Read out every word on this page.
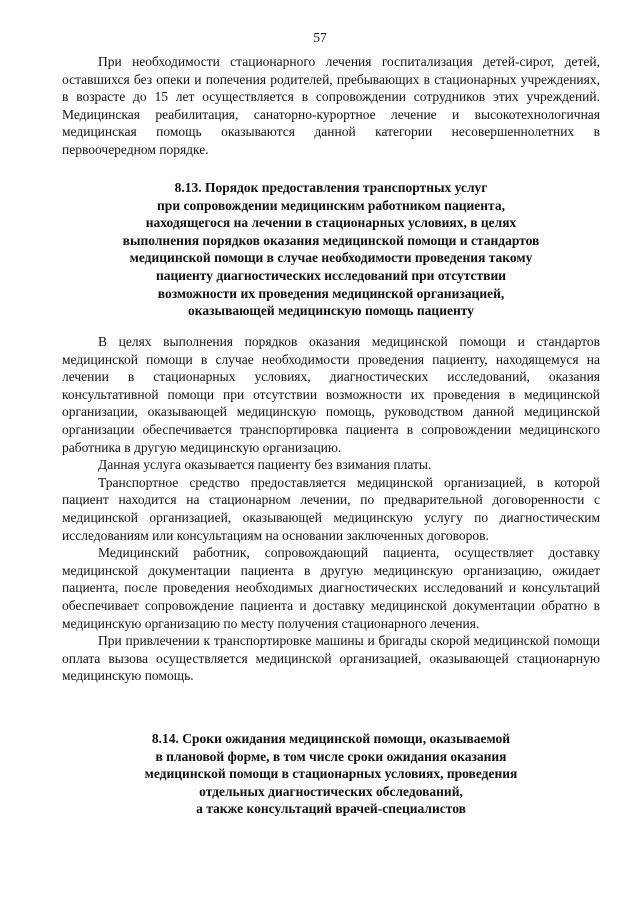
57

При необходимости стационарного лечения госпитализация детей-сирот, детей, оставшихся без опеки и попечения родителей, пребывающих в стационарных учреждениях, в возрасте до 15 лет осуществляется в сопровождении сотрудников этих учреждений. Медицинская реабилитация, санаторно-курортное лечение и высокотехнологичная медицинская помощь оказываются данной категории несовершеннолетних в первоочередном порядке.

8.13. Порядок предоставления транспортных услуг
при сопровождении медицинским работником пациента,
находящегося на лечении в стационарных условиях, в целях
выполнения порядков оказания медицинской помощи и стандартов
медицинской помощи в случае необходимости проведения такому
пациенту диагностических исследований при отсутствии
возможности их проведения медицинской организацией,
оказывающей медицинскую помощь пациенту

В целях выполнения порядков оказания медицинской помощи и стандартов медицинской помощи в случае необходимости проведения пациенту, находящемуся на лечении в стационарных условиях, диагностических исследований, оказания консультативной помощи при отсутствии возможности их проведения в медицинской организации, оказывающей медицинскую помощь, руководством данной медицинской организации обеспечивается транспортировка пациента в сопровождении медицинского работника в другую медицинскую организацию.

Данная услуга оказывается пациенту без взимания платы.

Транспортное средство предоставляется медицинской организацией, в которой пациент находится на стационарном лечении, по предварительной договоренности с медицинской организацией, оказывающей медицинскую услугу по диагностическим исследованиям или консультациям на основании заключенных договоров.

Медицинский работник, сопровождающий пациента, осуществляет доставку медицинской документации пациента в другую медицинскую организацию, ожидает пациента, после проведения необходимых диагностических исследований и консультаций обеспечивает сопровождение пациента и доставку медицинской документации обратно в медицинскую организацию по месту получения стационарного лечения.

При привлечении к транспортировке машины и бригады скорой медицинской помощи оплата вызова осуществляется медицинской организацией, оказывающей стационарную медицинскую помощь.

8.14. Сроки ожидания медицинской помощи, оказываемой
в плановой форме, в том числе сроки ожидания оказания
медицинской помощи в стационарных условиях, проведения
отдельных диагностических обследований,
а также консультаций врачей-специалистов
